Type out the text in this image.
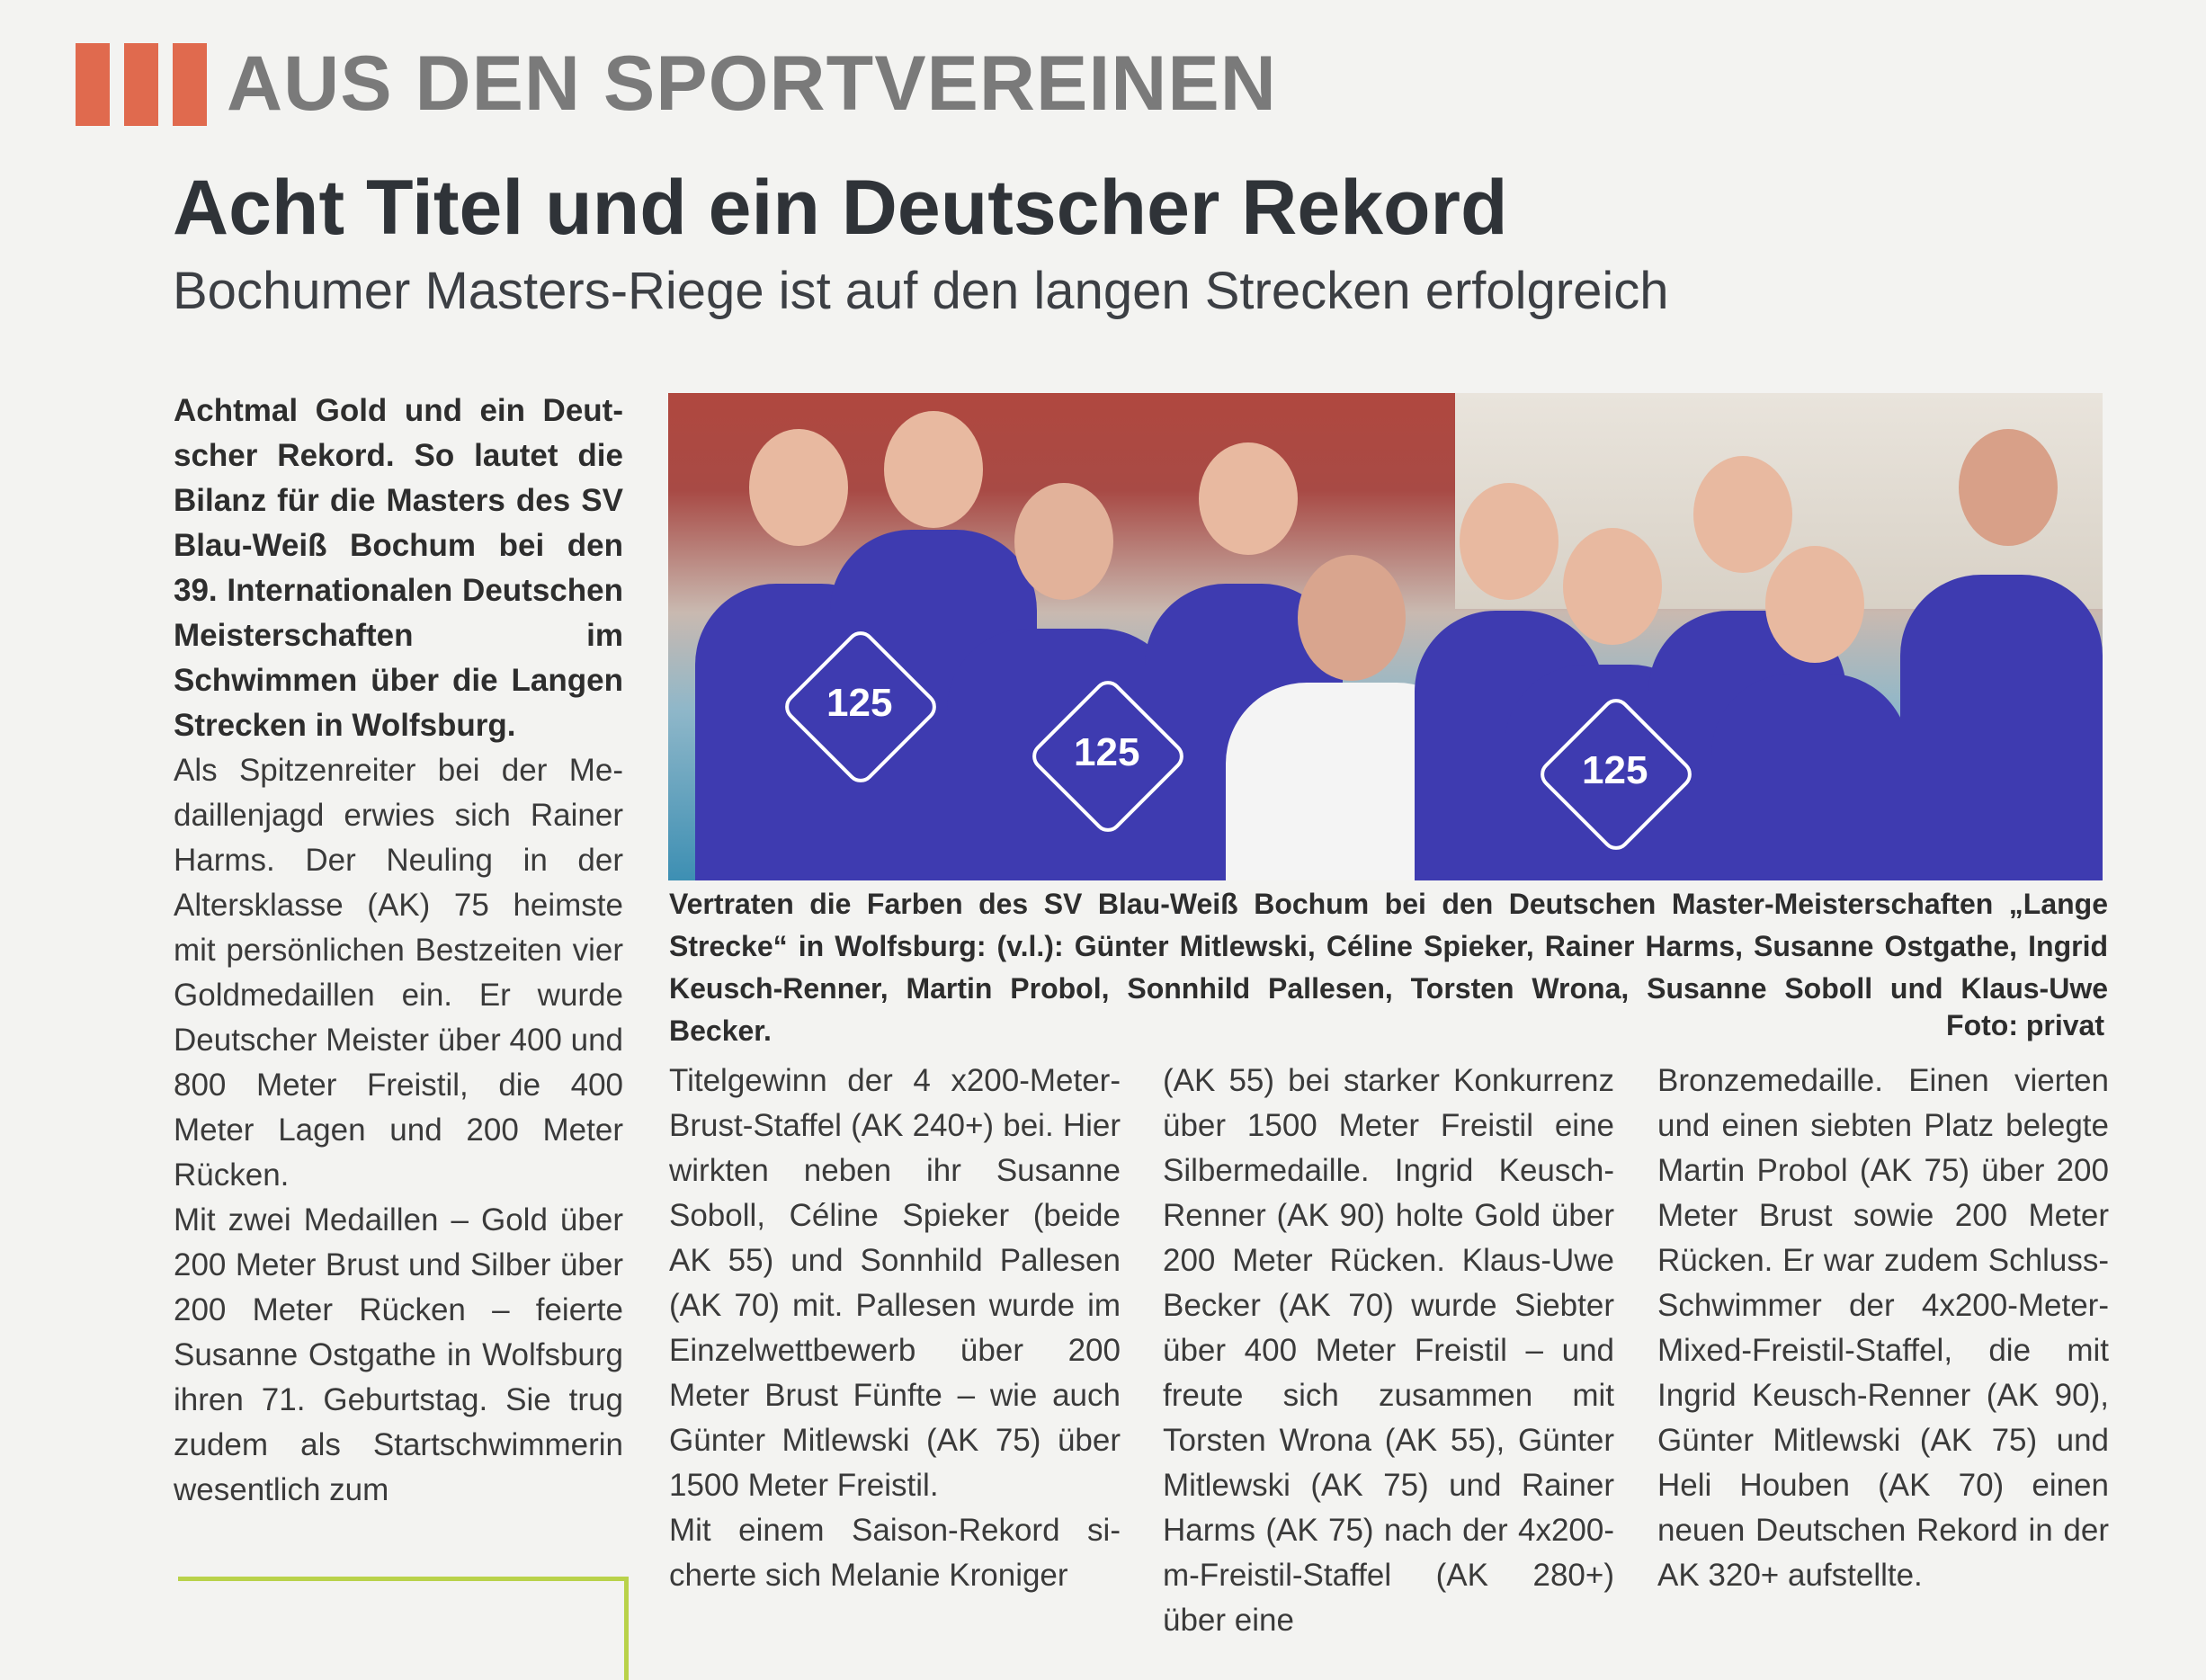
AUS DEN SPORTVEREINEN
Acht Titel und ein Deutscher Rekord
Bochumer Masters-Riege ist auf den langen Strecken erfolgreich

Achtmal Gold und ein Deutscher Rekord. So lautet die Bilanz für die Masters des SV Blau-Weiß Bochum bei den 39. Internationalen Deutschen Meisterschaften im Schwimmen über die Langen Strecken in Wolfsburg.

Als Spitzenreiter bei der Medaillenjagd erwies sich Rainer Harms. Der Neuling in der Altersklasse (AK) 75 heimste mit persönlichen Bestzeiten vier Goldmedaillen ein. Er wurde Deutscher Meister über 400 und 800 Meter Freistil, die 400 Meter Lagen und 200 Meter Rücken.

Mit zwei Medaillen – Gold über 200 Meter Brust und Silber über 200 Meter Rücken – feierte Susanne Ostgathe in Wolfsburg ihren 71. Geburtstag. Sie trug zudem als Startschwimmerin wesentlich zum

125
125	125
Vertraten die Farben des SV Blau-Weiß Bochum bei den Deutschen Master-Meisterschaften „Lange Strecke“ in Wolfsburg: (v.l.): Günter Mitlewski, Céline Spieker, Rainer Harms, Susanne Ostgathe, Ingrid Keusch-Renner, Martin Probol, Sonnhild Pallesen, Torsten Wrona, Susanne Soboll und Klaus-Uwe Becker.	Foto: privat

Titelgewinn der 4 x200-Meter-Brust-Staffel (AK 240+) bei. Hier wirkten neben ihr Susanne Soboll, Céline Spieker (beide AK 55) und Sonnhild Pallesen (AK 70) mit. Pallesen wurde im Einzelwettbewerb über 200 Meter Brust Fünfte – wie auch Günter Mitlewski (AK 75) über 1500 Meter Freistil.

Mit einem Saison-Rekord sicherte sich Melanie Kroniger

(AK 55) bei starker Konkurrenz über 1500 Meter Freistil eine Silbermedaille. Ingrid Keusch-Renner (AK 90) holte Gold über 200 Meter Rücken. Klaus-Uwe Becker (AK 70) wurde Siebter über 400 Meter Freistil – und freute sich zusammen mit Torsten Wrona (AK 55), Günter Mitlewski (AK 75) und Rainer Harms (AK 75) nach der 4x200-m-Freistil-Staffel (AK 280+) über eine

Bronzemedaille. Einen vierten und einen siebten Platz belegte Martin Probol (AK 75) über 200 Meter Brust sowie 200 Meter Rücken. Er war zudem Schluss-Schwimmer der 4x200-Meter-Mixed-Freistil-Staffel, die mit Ingrid Keusch-Renner (AK 90), Günter Mitlewski (AK 75) und Heli Houben (AK 70) einen neuen Deutschen Rekord in der AK 320+ aufstellte.
